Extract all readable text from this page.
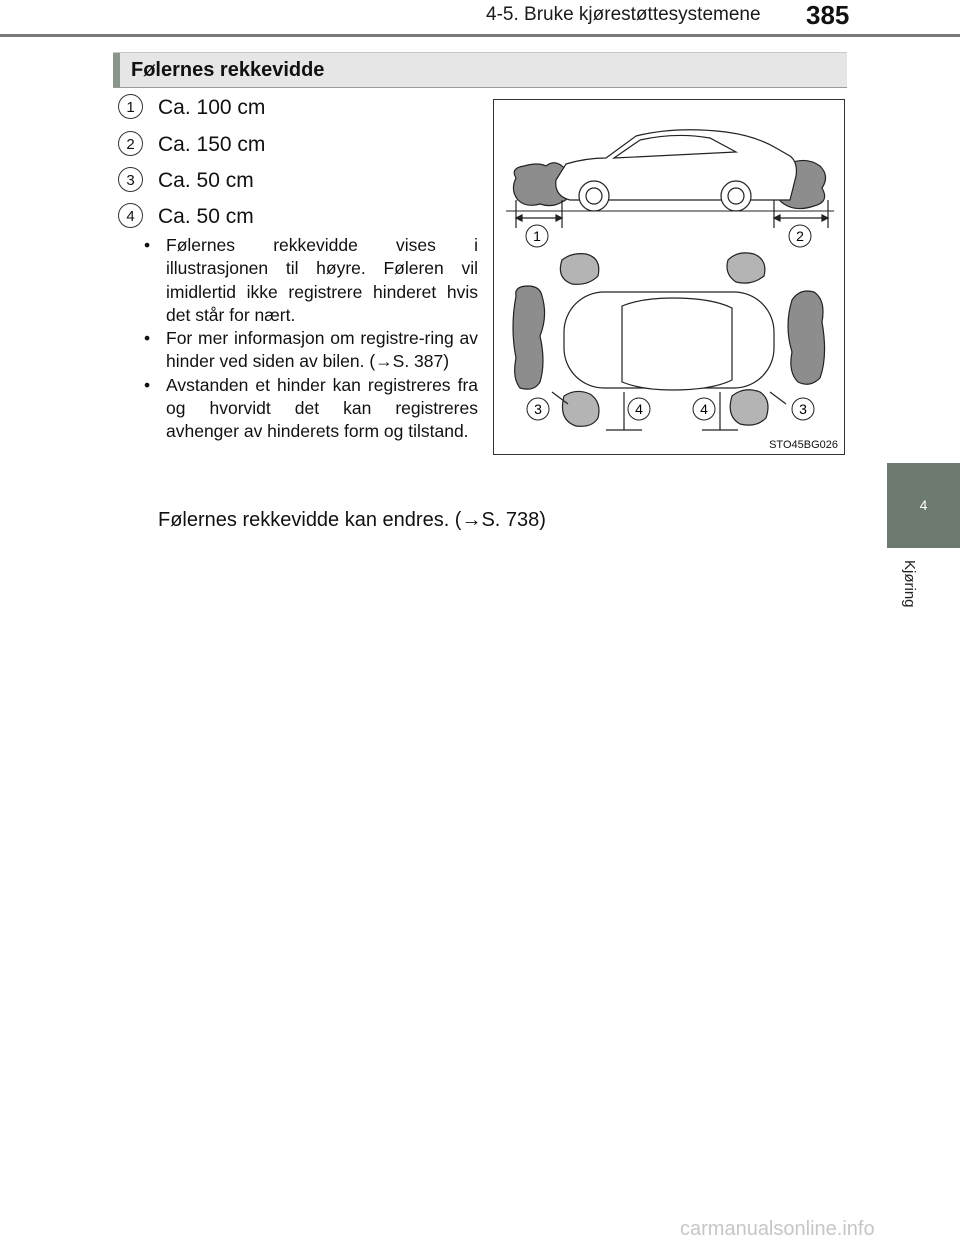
4-5. Bruke kjørestøttesystemene 385
4
Kjøring
Følernes rekkevidde
1	Ca. 100 cm
2	Ca. 150 cm
3	Ca. 50 cm
4	Ca. 50 cm
• Følernes rekkevidde vises i illustrasjonen til høyre. Føleren vil imidlertid ikke registrere hinderet hvis det står for nært.
• For mer informasjon om registre-ring av hinder ved siden av bilen. (→S. 387)
• Avstanden et hinder kan registreres fra og hvorvidt det kan registreres avhenger av hinderets form og tilstand.
Følernes rekkevidde kan endres. (→S. 738)
1	2
3	4	4	3
STO45BG026
carmanualsonline.info
